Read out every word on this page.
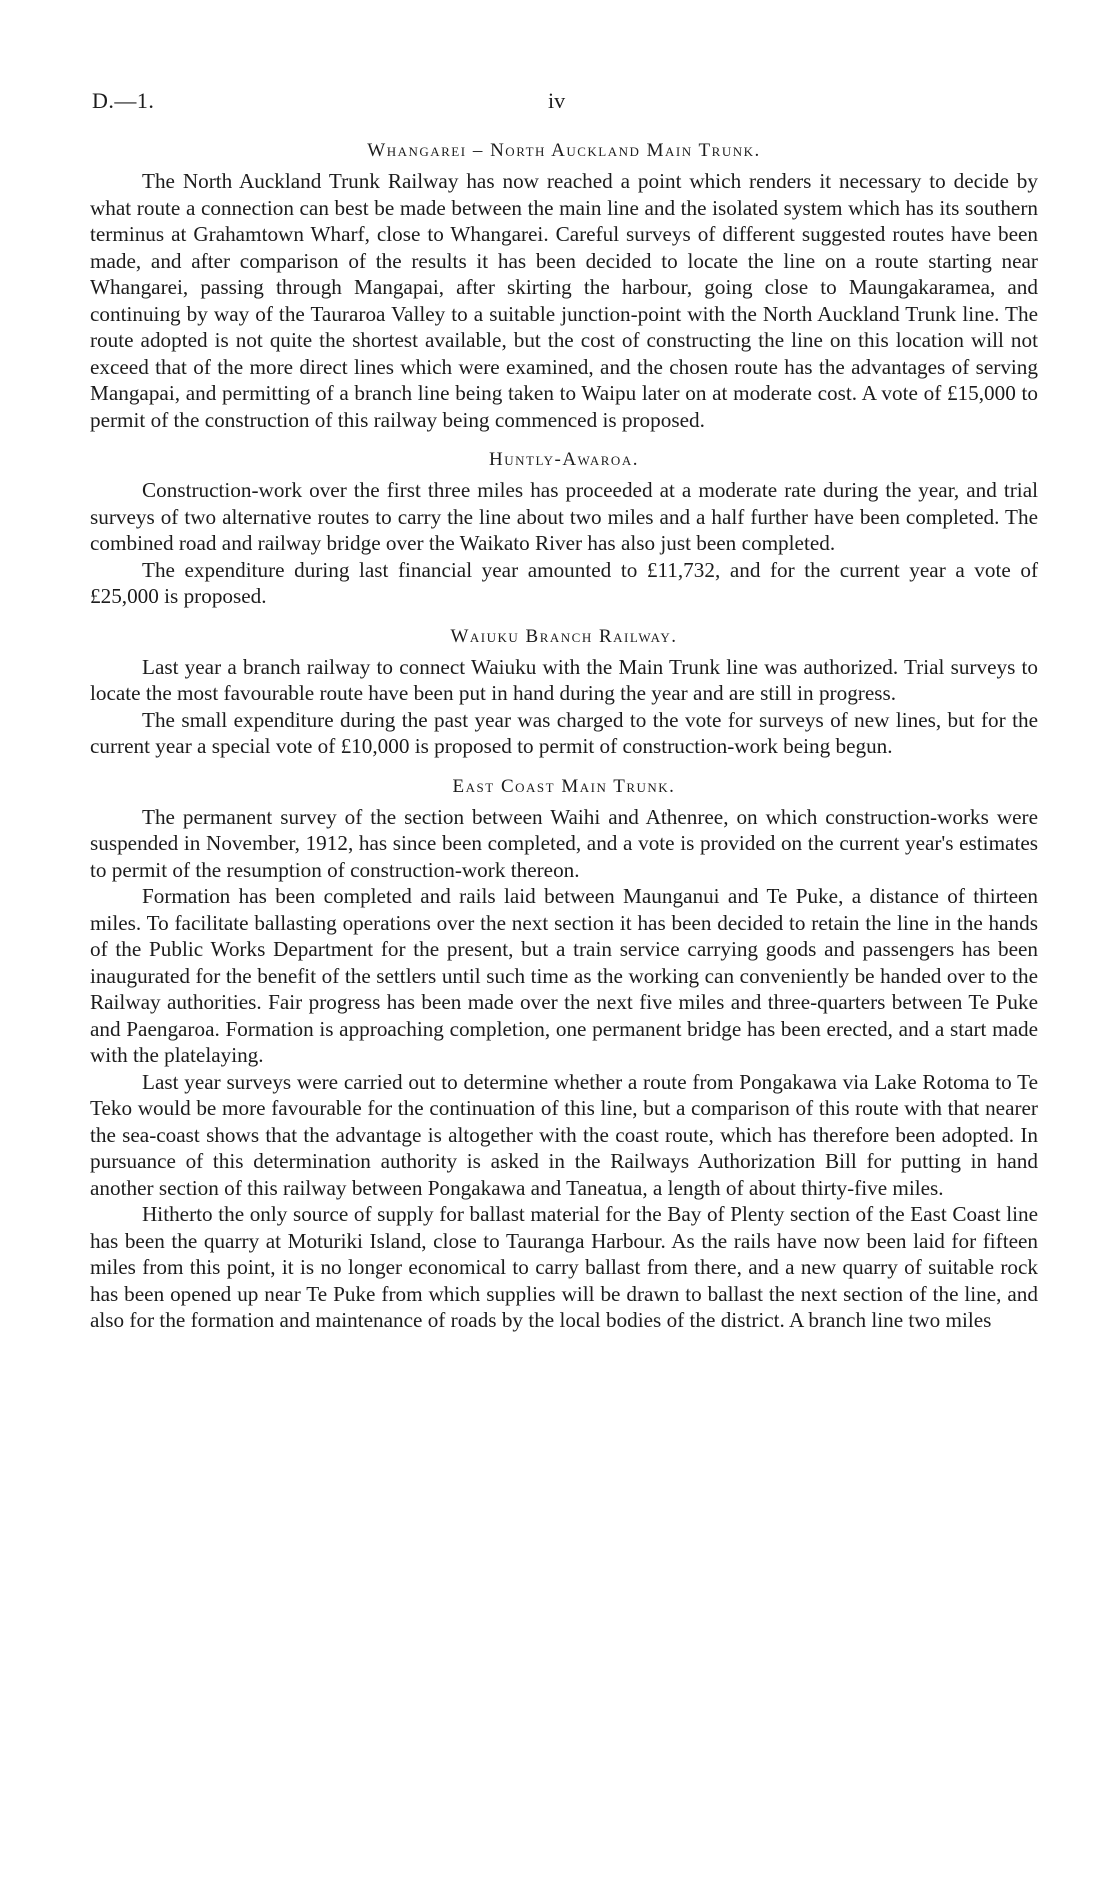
D.—1.	iv
Whangarei – North Auckland Main Trunk.

The North Auckland Trunk Railway has now reached a point which renders it necessary to decide by what route a connection can best be made between the main line and the isolated system which has its southern terminus at Grahamtown Wharf, close to Whangarei. Careful surveys of different suggested routes have been made, and after comparison of the results it has been decided to locate the line on a route starting near Whangarei, passing through Mangapai, after skirting the harbour, going close to Maungakaramea, and continuing by way of the Tauraroa Valley to a suitable junction-point with the North Auckland Trunk line. The route adopted is not quite the shortest available, but the cost of constructing the line on this location will not exceed that of the more direct lines which were examined, and the chosen route has the advantages of serving Mangapai, and permitting of a branch line being taken to Waipu later on at moderate cost. A vote of £15,000 to permit of the construction of this railway being commenced is proposed.

Huntly-Awaroa.

Construction-work over the first three miles has proceeded at a moderate rate during the year, and trial surveys of two alternative routes to carry the line about two miles and a half further have been completed. The combined road and railway bridge over the Waikato River has also just been completed.

The expenditure during last financial year amounted to £11,732, and for the current year a vote of £25,000 is proposed.

Waiuku Branch Railway.

Last year a branch railway to connect Waiuku with the Main Trunk line was authorized. Trial surveys to locate the most favourable route have been put in hand during the year and are still in progress.

The small expenditure during the past year was charged to the vote for surveys of new lines, but for the current year a special vote of £10,000 is proposed to permit of construction-work being begun.

East Coast Main Trunk.

The permanent survey of the section between Waihi and Athenree, on which construction-works were suspended in November, 1912, has since been completed, and a vote is provided on the current year's estimates to permit of the resumption of construction-work thereon.

Formation has been completed and rails laid between Maunganui and Te Puke, a distance of thirteen miles. To facilitate ballasting operations over the next section it has been decided to retain the line in the hands of the Public Works Department for the present, but a train service carrying goods and passengers has been inaugurated for the benefit of the settlers until such time as the working can conveniently be handed over to the Railway authorities. Fair progress has been made over the next five miles and three-quarters between Te Puke and Paengaroa. Formation is approaching completion, one permanent bridge has been erected, and a start made with the platelaying.

Last year surveys were carried out to determine whether a route from Pongakawa via Lake Rotoma to Te Teko would be more favourable for the continuation of this line, but a comparison of this route with that nearer the sea-coast shows that the advantage is altogether with the coast route, which has therefore been adopted. In pursuance of this determination authority is asked in the Railways Authorization Bill for putting in hand another section of this railway between Pongakawa and Taneatua, a length of about thirty-five miles.

Hitherto the only source of supply for ballast material for the Bay of Plenty section of the East Coast line has been the quarry at Moturiki Island, close to Tauranga Harbour. As the rails have now been laid for fifteen miles from this point, it is no longer economical to carry ballast from there, and a new quarry of suitable rock has been opened up near Te Puke from which supplies will be drawn to ballast the next section of the line, and also for the formation and maintenance of roads by the local bodies of the district. A branch line two miles
